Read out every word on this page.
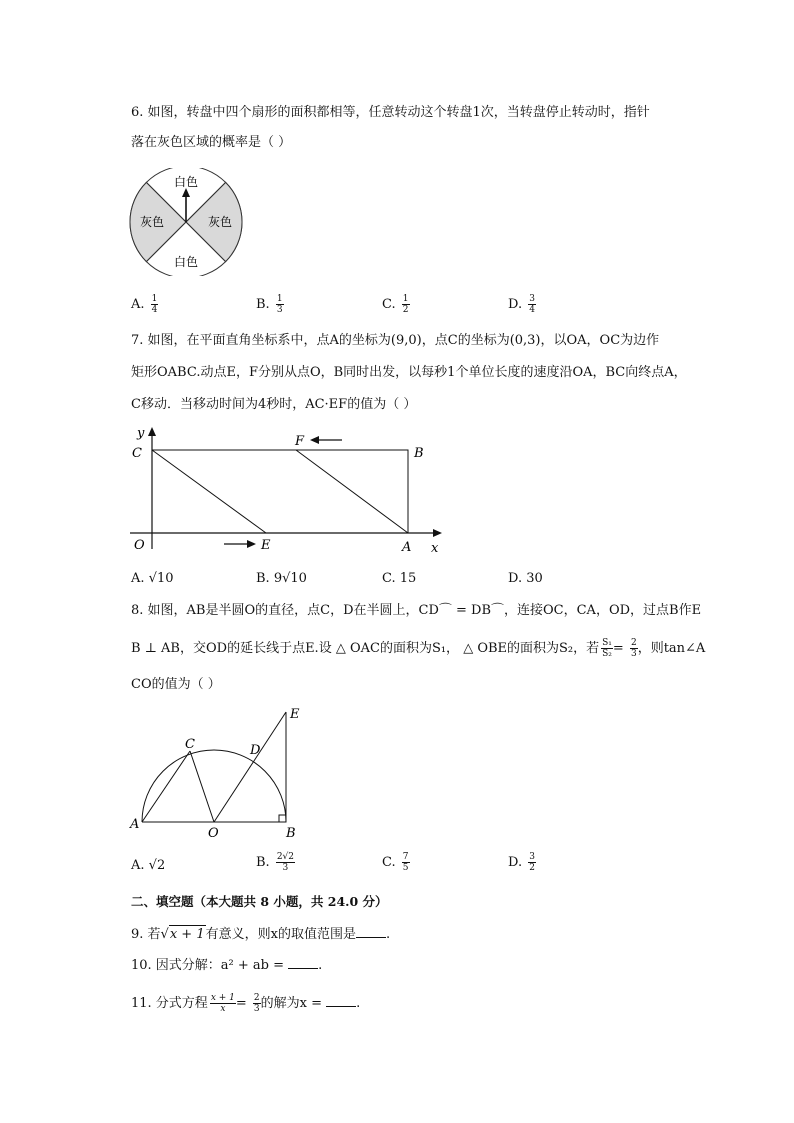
6. 如图，转盘中四个扇形的面积都相等，任意转动这个转盘1次，当转盘停止转动时，指针
落在灰色区域的概率是（ ）
白色
白色
灰色	灰色
A. $\frac{1}{4}$	B. $\frac{1}{3}$	C. $\frac{1}{2}$	D. $\frac{3}{4}$
7. 如图，在平面直角坐标系中，点A的坐标为(9,0)，点C的坐标为(0,3)，以OA，OC为边作
矩形OABC.动点E，F分别从点O，B同时出发，以每秒1个单位长度的速度沿OA，BC向终点A，
C移动．当移动时间为4秒时，AC·EF的值为（ ）
y
C
F
B
O	E	A x
A. √10	B. 9√10	C. 15	D. 30
8. 如图，AB是半圆O的直径，点C，D在半圆上，CD⌒ = DB⌒，连接OC，CA，OD，过点B作E
B ⊥ AB，交OD的延长线于点E.设 △ OAC的面积为S₁， △ OBE的面积为S₂，若 $\frac{\text{S₁}}{\text{S₂}} = \frac{2}{3}$ ，则tan∠A
CO的值为（ ）
A
O	B
C	D
E
A. √2	B. $\frac{2√2}{3}$	C. $\frac{7}{5}$	D. $\frac{3}{2}$
二、填空题（本大题共 8 小题，共 24.0 分）
9. 若√x + 1有意义，则x的取值范围是 .
10. 因式分解：a² + ab =	.
11. 分式方程 $\frac{x + 1}{x} = \frac{2}{3}$ 的解为x =	.
